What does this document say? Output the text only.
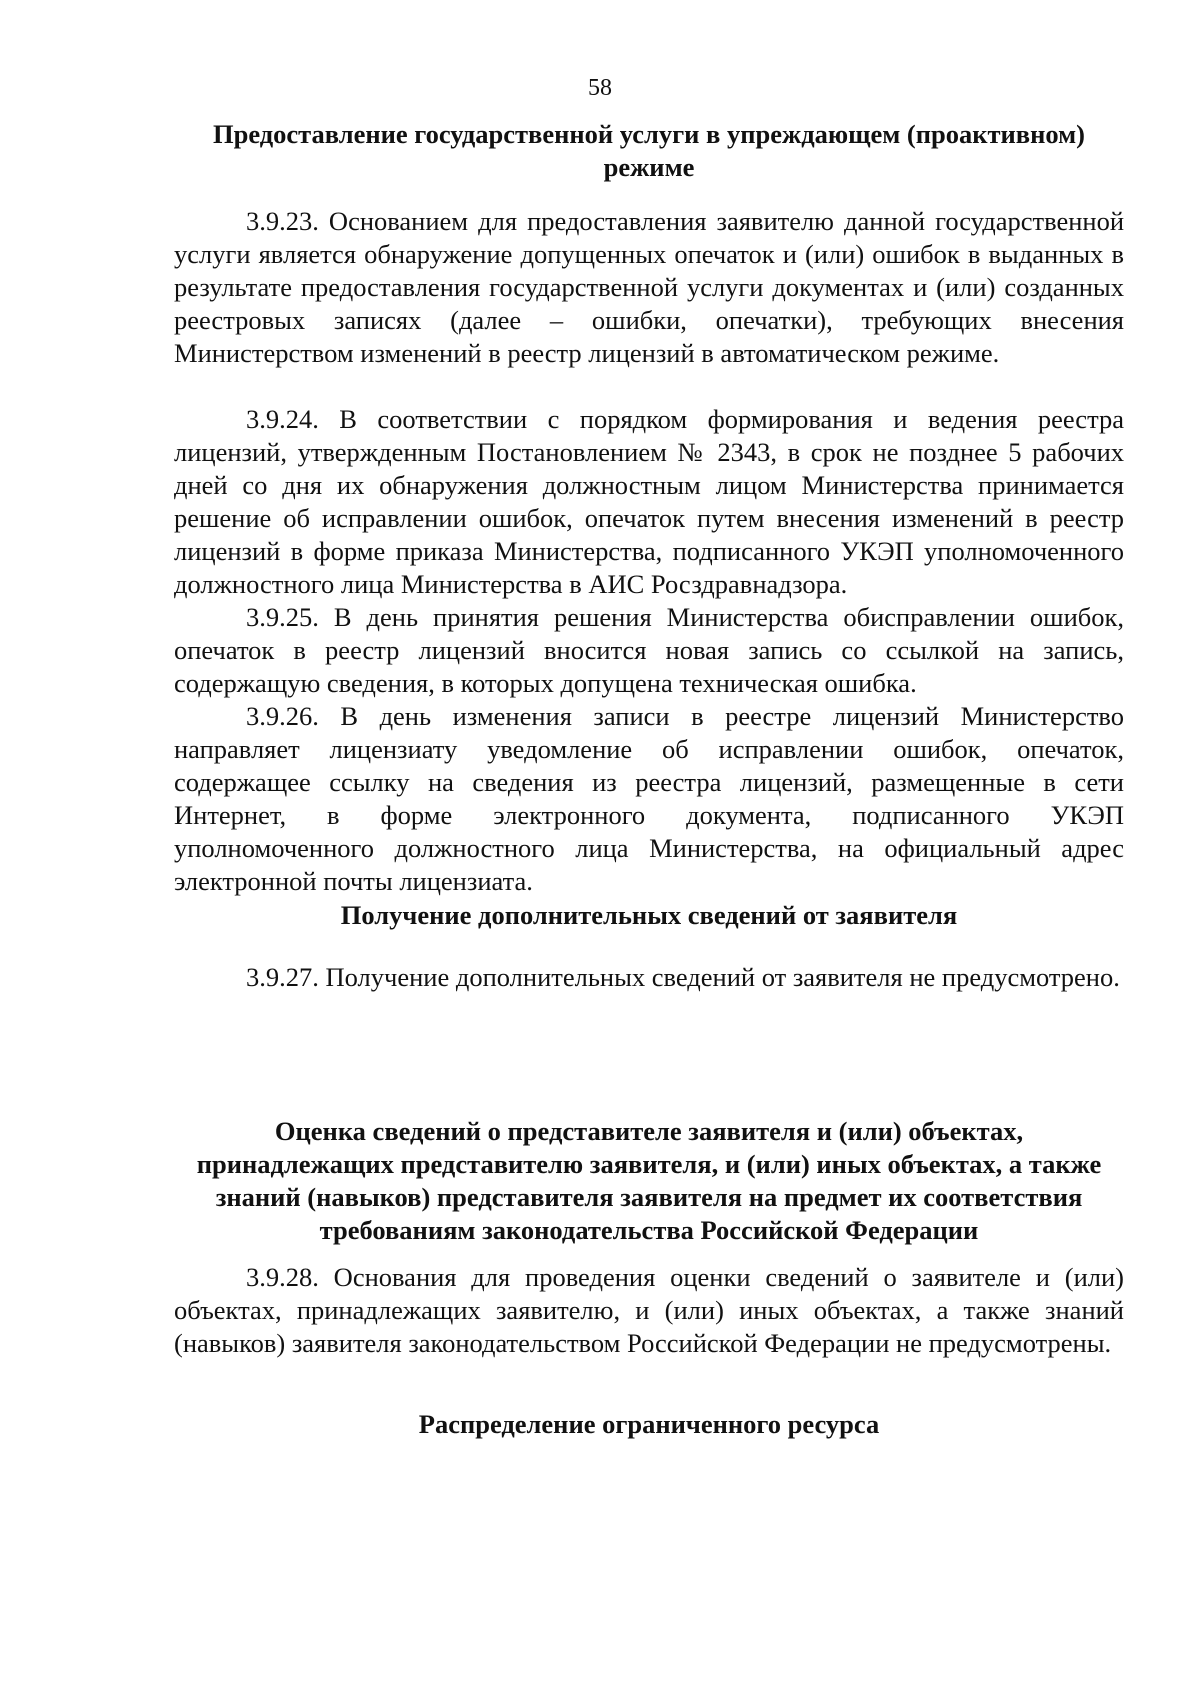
58
Предоставление государственной услуги в упреждающем (проактивном) режиме

3.9.23. Основанием для предоставления заявителю данной государственной услуги является обнаружение допущенных опечаток и (или) ошибок в выданных в результате предоставления государственной услуги документах и (или) созданных реестровых записях (далее – ошибки, опечатки), требующих внесения Министерством изменений в реестр лицензий в автоматическом режиме.

3.9.24. В соответствии с порядком формирования и ведения реестра лицензий, утвержденным Постановлением № 2343, в срок не позднее 5 рабочих дней со дня их обнаружения должностным лицом Министерства принимается решение об исправлении ошибок, опечаток путем внесения изменений в реестр лицензий в форме приказа Министерства, подписанного УКЭП уполномоченного должностного лица Министерства в АИС Росздравнадзора.

3.9.25. В день принятия решения Министерства обисправлении ошибок, опечаток в реестр лицензий вносится новая запись со ссылкой на запись, содержащую сведения, в которых допущена техническая ошибка.

3.9.26. В день изменения записи в реестре лицензий Министерство направляет лицензиату уведомление об исправлении ошибок, опечаток, содержащее ссылку на сведения из реестра лицензий, размещенные в сети Интернет, в форме электронного документа, подписанного УКЭП уполномоченного должностного лица Министерства, на официальный адрес электронной почты лицензиата.

Получение дополнительных сведений от заявителя

3.9.27. Получение дополнительных сведений от заявителя не предусмотрено.

Оценка сведений о представителе заявителя и (или) объектах, принадлежащих представителю заявителя, и (или) иных объектах, а также знаний (навыков) представителя заявителя на предмет их соответствия требованиям законодательства Российской Федерации

3.9.28. Основания для проведения оценки сведений о заявителе и (или) объектах, принадлежащих заявителю, и (или) иных объектах, а также знаний (навыков) заявителя законодательством Российской Федерации не предусмотрены.

Распределение ограниченного ресурса
